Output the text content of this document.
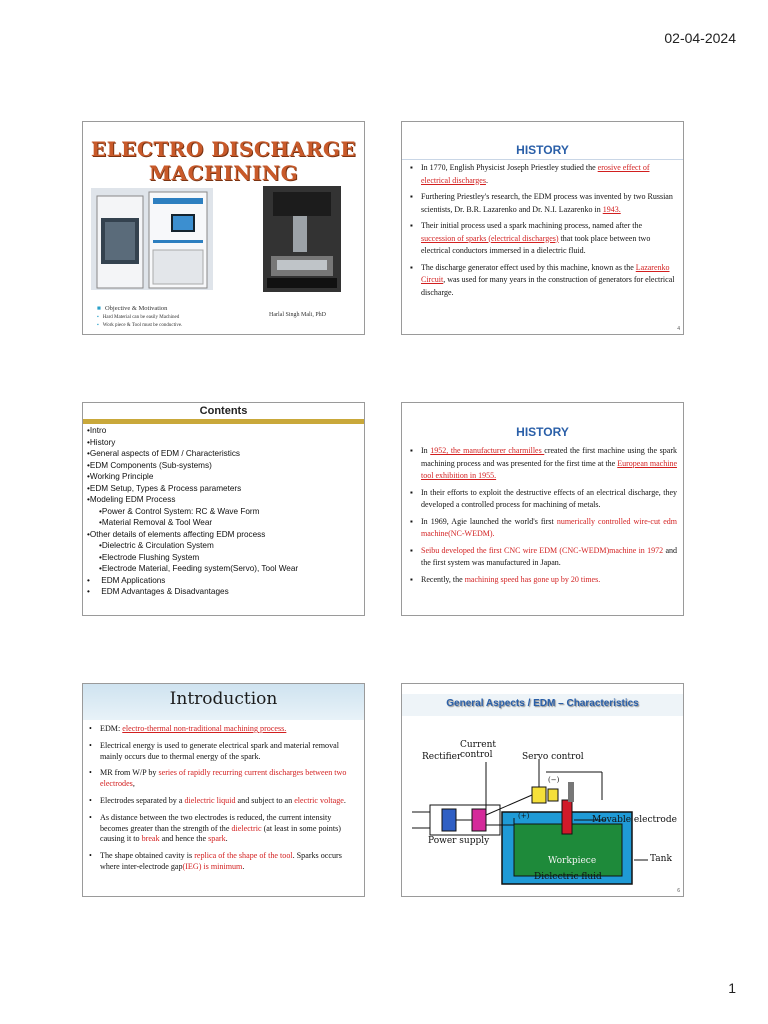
02-04-2024
ELECTRO DISCHARGE
MACHINING
■ Objective & Motivation
▪ Hard Material can be easily Machined
▪ Work piece & Tool must be conductive.
Harlal Singh Mali, PhD
HISTORY
▪ In 1770, English Physicist Joseph Priestley studied the erosive effect of electrical discharges.
▪ Furthering Priestley's research, the EDM process was invented by two Russian scientists, Dr. B.R. Lazarenko and Dr. N.I. Lazarenko in 1943.
▪ Their initial process used a spark machining process, named after the succession of sparks (electrical discharges) that took place between two electrical conductors immersed in a dielectric fluid.
▪ The discharge generator effect used by this machine, known as the Lazarenko Circuit, was used for many years in the construction of generators for electrical discharge.
4
Contents
•Intro
•History
•General aspects of EDM / Characteristics
•EDM Components (Sub-systems)
•Working Principle
•EDM Setup, Types & Process parameters
•Modeling EDM Process
•Power & Control System: RC & Wave Form
•Material Removal & Tool Wear
•Other details of elements affecting EDM process
•Dielectric & Circulation System
•Electrode Flushing System
•Electrode Material, Feeding system(Servo), Tool Wear
•     EDM Applications
•     EDM Advantages & Disadvantages
HISTORY
▪ In 1952, the manufacturer charmilles created the first machine using the spark machining process and was presented for the first time at the European machine tool exhibition in 1955.
▪ In their efforts to exploit the destructive effects of an electrical discharge, they developed a controlled process for machining of metals.
▪ In 1969, Agie launched the world's first numerically controlled wire-cut edm machine(NC-WEDM).
▪ Seibu developed the first CNC wire EDM (CNC-WEDM)machine in 1972 and the first system was manufactured in Japan.
▪ Recently, the machining speed has gone up by 20 times.
Introduction
• EDM: electro-thermal non-traditional machining process.
• Electrical energy is used to generate electrical spark and material removal mainly occurs due to thermal energy of the spark.
• MR from W/P by series of rapidly recurring current discharges between two electrodes,
• Electrodes separated by a dielectric liquid and subject to an electric voltage.
• As distance between the two electrodes is reduced, the current intensity becomes greater than the strength of the dielectric (at least in some points) causing it to break and hence the spark.
• The shape obtained cavity is replica of the shape of the tool. Sparks occurs where inter-electrode gap(IEG) is minimum.
General Aspects / EDM – Characteristics
Rectifier
Current
control	Servo control
Movable electrode
Power supply
Workpiece	Tank
Dielectric fluid
(−)
(+)
6
1
